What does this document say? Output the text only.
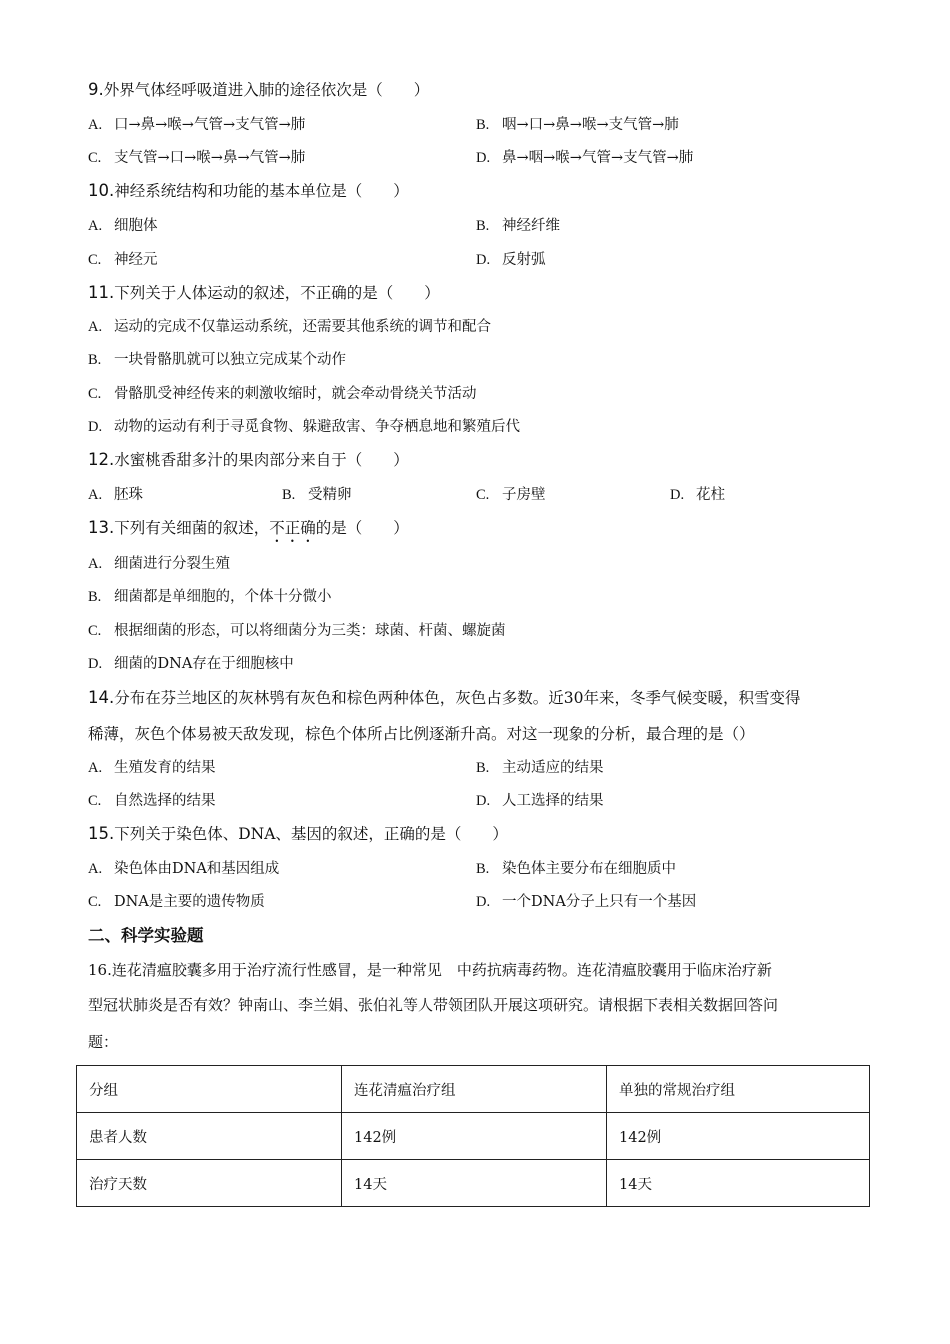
9.外界气体经呼吸道进入肺的途径依次是（　　）
A. 口→鼻→喉→气管→支气管→肺	B. 咽→口→鼻→喉→支气管→肺
C. 支气管→口→喉→鼻→气管→肺	D. 鼻→咽→喉→气管→支气管→肺
10.神经系统结构和功能的基本单位是（　　）
A. 细胞体	B. 神经纤维
C. 神经元	D. 反射弧
11.下列关于人体运动的叙述，不正确的是（　　）
A. 运动的完成不仅靠运动系统，还需要其他系统的调节和配合
B. 一块骨骼肌就可以独立完成某个动作
C. 骨骼肌受神经传来的刺激收缩时，就会牵动骨绕关节活动
D. 动物的运动有利于寻觅食物、躲避敌害、争夺栖息地和繁殖后代
12.水蜜桃香甜多汁的果肉部分来自于（　　）
A. 胚珠	B. 受精卵	C. 子房壁	D. 花柱
13.下列有关细菌的叙述，不正确的是（　　）
A. 细菌进行分裂生殖
B. 细菌都是单细胞的，个体十分微小
C. 根据细菌的形态，可以将细菌分为三类：球菌、杆菌、螺旋菌
D. 细菌的DNA存在于细胞核中
14.分布在芬兰地区的灰林鸮有灰色和棕色两种体色，灰色占多数。近30年来，冬季气候变暖，积雪变得
稀薄，灰色个体易被天敌发现，棕色个体所占比例逐渐升高。对这一现象的分析，最合理的是（）
A. 生殖发育的结果	B. 主动适应的结果
C. 自然选择的结果	D. 人工选择的结果
15.下列关于染色体、DNA、基因的叙述，正确的是（　　）
A. 染色体由DNA和基因组成	B. 染色体主要分布在细胞质中
C. DNA是主要的遗传物质	D. 一个DNA分子上只有一个基因
二、科学实验题
16.连花清瘟胶囊多用于治疗流行性感冒，是一种常见　中药抗病毒药物。连花清瘟胶囊用于临床治疗新
型冠状肺炎是否有效？钟南山、李兰娟、张伯礼等人带领团队开展这项研究。请根据下表相关数据回答问
题：
分组	连花清瘟治疗组	单独的常规治疗组
患者人数	142例	142例
治疗天数	14天	14天
